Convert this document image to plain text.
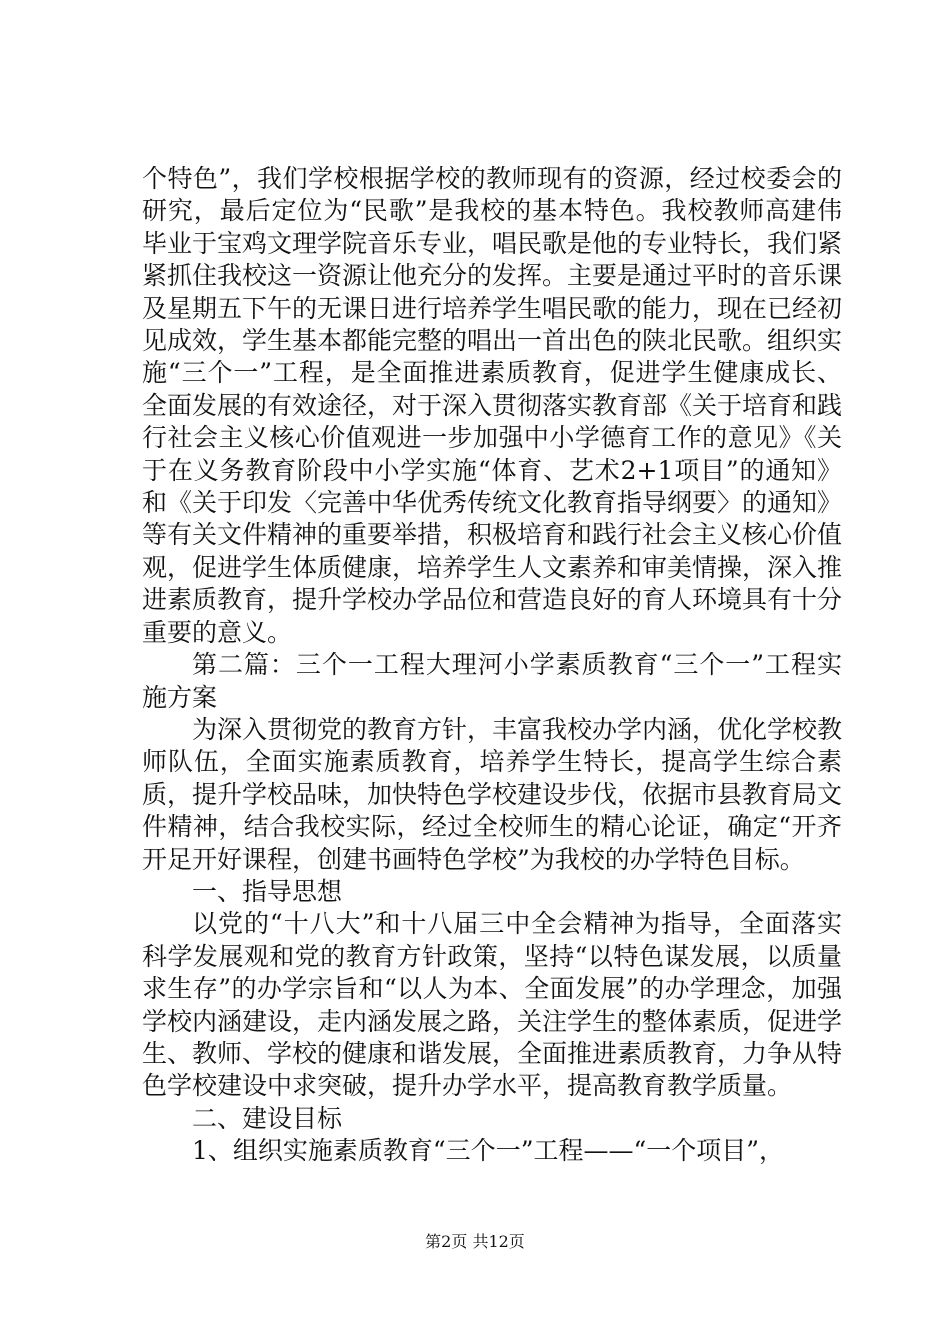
个特色”，我们学校根据学校的教师现有的资源，经过校委会的研究，最后定位为“民歌”是我校的基本特色。我校教师高建伟毕业于宝鸡文理学院音乐专业，唱民歌是他的专业特长，我们紧紧抓住我校这一资源让他充分的发挥。主要是通过平时的音乐课及星期五下午的无课日进行培养学生唱民歌的能力，现在已经初见成效，学生基本都能完整的唱出一首出色的陕北民歌。组织实施“三个一”工程，是全面推进素质教育，促进学生健康成长、全面发展的有效途径，对于深入贯彻落实教育部《关于培育和践行社会主义核心价值观进一步加强中小学德育工作的意见》《关于在义务教育阶段中小学实施“体育、艺术2+1项目”的通知》和《关于印发〈完善中华优秀传统文化教育指导纲要〉的通知》等有关文件精神的重要举措，积极培育和践行社会主义核心价值观，促进学生体质健康，培养学生人文素养和审美情操，深入推进素质教育，提升学校办学品位和营造良好的育人环境具有十分重要的意义。

第二篇：三个一工程大理河小学素质教育“三个一”工程实施方案

为深入贯彻党的教育方针，丰富我校办学内涵，优化学校教师队伍，全面实施素质教育，培养学生特长，提高学生综合素质，提升学校品味，加快特色学校建设步伐，依据市县教育局文件精神，结合我校实际，经过全校师生的精心论证，确定“开齐开足开好课程，创建书画特色学校”为我校的办学特色目标。

一、指导思想

以党的“十八大”和十八届三中全会精神为指导，全面落实科学发展观和党的教育方针政策，坚持“以特色谋发展，以质量求生存”的办学宗旨和“以人为本、全面发展”的办学理念，加强学校内涵建设，走内涵发展之路，关注学生的整体素质，促进学生、教师、学校的健康和谐发展，全面推进素质教育，力争从特色学校建设中求突破，提升办学水平，提高教育教学质量。

二、建设目标

1、组织实施素质教育“三个一”工程——“一个项目”，

第2页 共12页
